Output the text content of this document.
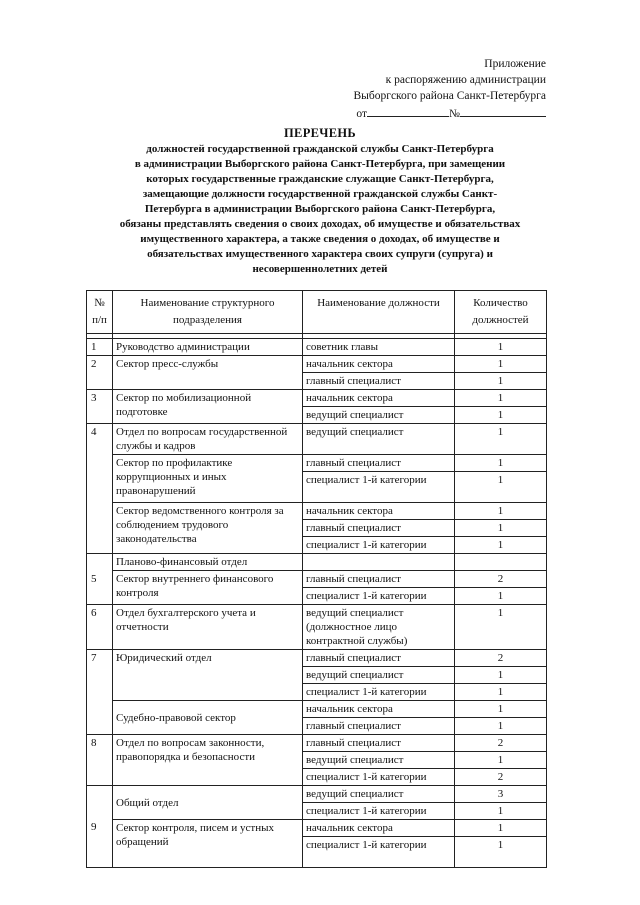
Приложение
к распоряжению администрации
Выборгского района Санкт-Петербурга
от	№
ПЕРЕЧЕНЬ
должностей государственной гражданской службы Санкт-Петербурга
в администрации Выборгского района Санкт-Петербурга, при замещении
которых государственные гражданские служащие Санкт-Петербурга,
замещающие должности государственной гражданской службы Санкт-
Петербурга в администрации Выборгского района Санкт-Петербурга,
обязаны представлять сведения о своих доходах, об имуществе и обязательствах
имущественного характера, а также сведения о доходах, об имуществе и
обязательствах имущественного характера своих супруги (супруга) и
несовершеннолетних детей
№ п/п	Наименование структурного подразделения	Наименование должности	Количество должностей

1	Руководство администрации	советник главы	1
2	Сектор пресс-службы	начальник сектора	1
		главный специалист	1
3	Сектор по мобилизационной подготовке	начальник сектора	1
		ведущий специалист	1
4	Отдел по вопросам государственной службы и кадров	ведущий специалист	1
	Сектор по профилактике коррупционных и иных правонарушений	главный специалист	1
		специалист 1-й категории	1
	Сектор ведомственного контроля за соблюдением трудового законодательства	начальник сектора	1
		главный специалист	1
		специалист 1-й категории	1
	Планово-финансовый отдел		
5	Сектор внутреннего финансового контроля	главный специалист	2
		специалист 1-й категории	1
6	Отдел бухгалтерского учета и отчетности	ведущий специалист (должностное лицо контрактной службы)	1
7	Юридический отдел	главный специалист	2
		ведущий специалист	1
		специалист 1-й категории	1
	Судебно-правовой сектор	начальник сектора	1
		главный специалист	1
8	Отдел по вопросам законности, правопорядка и безопасности	главный специалист	2
		ведущий специалист	1
		специалист 1-й категории	2
9	Общий отдел	ведущий специалист	3
		специалист 1-й категории	1
	Сектор контроля, писем и устных обращений	начальник сектора	1
		специалист 1-й категории	1
